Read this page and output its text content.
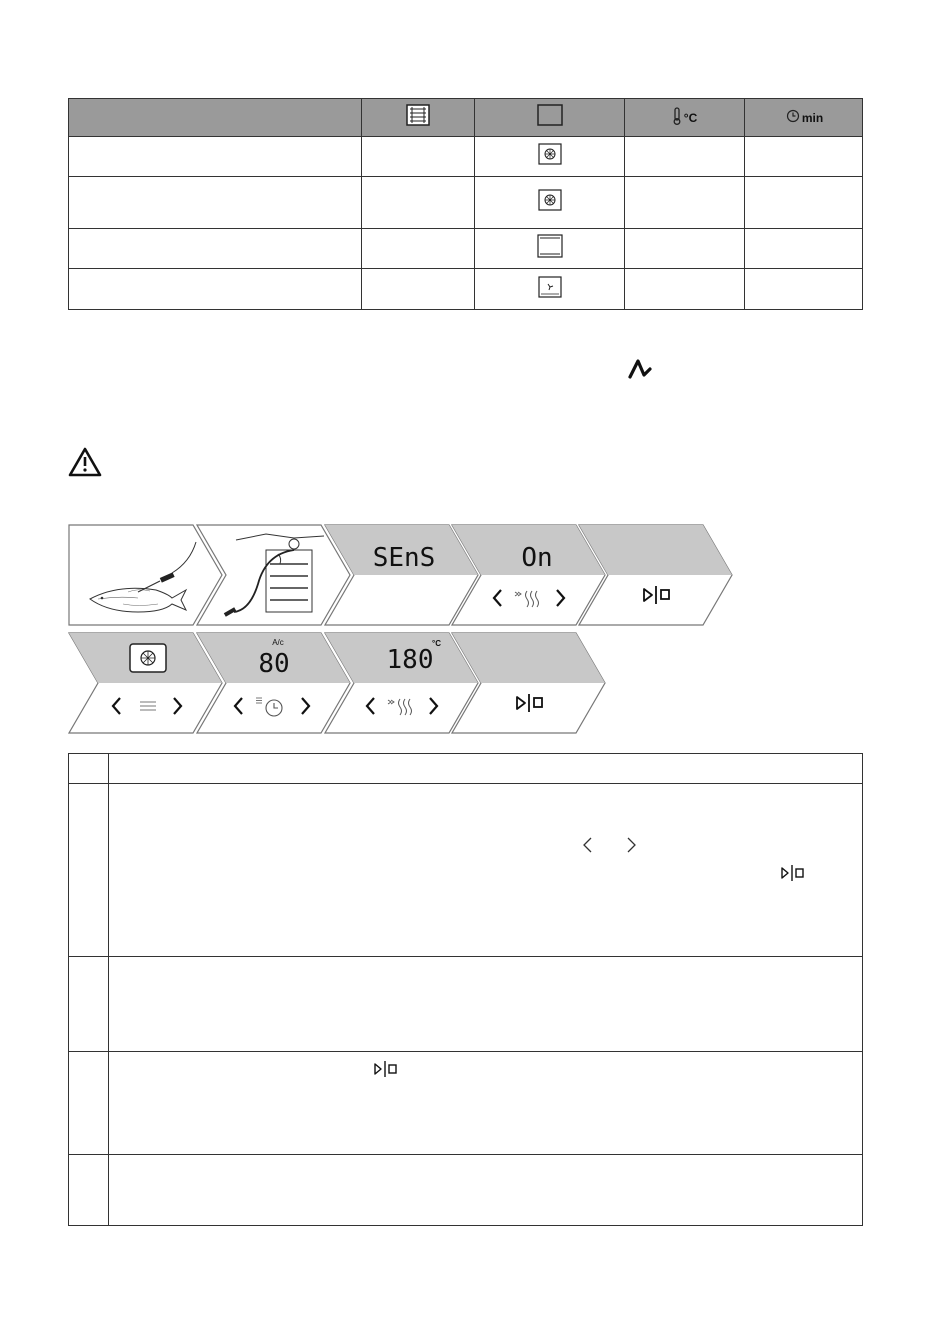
°C	min
SEnS	On
A/c
80	180
°C
